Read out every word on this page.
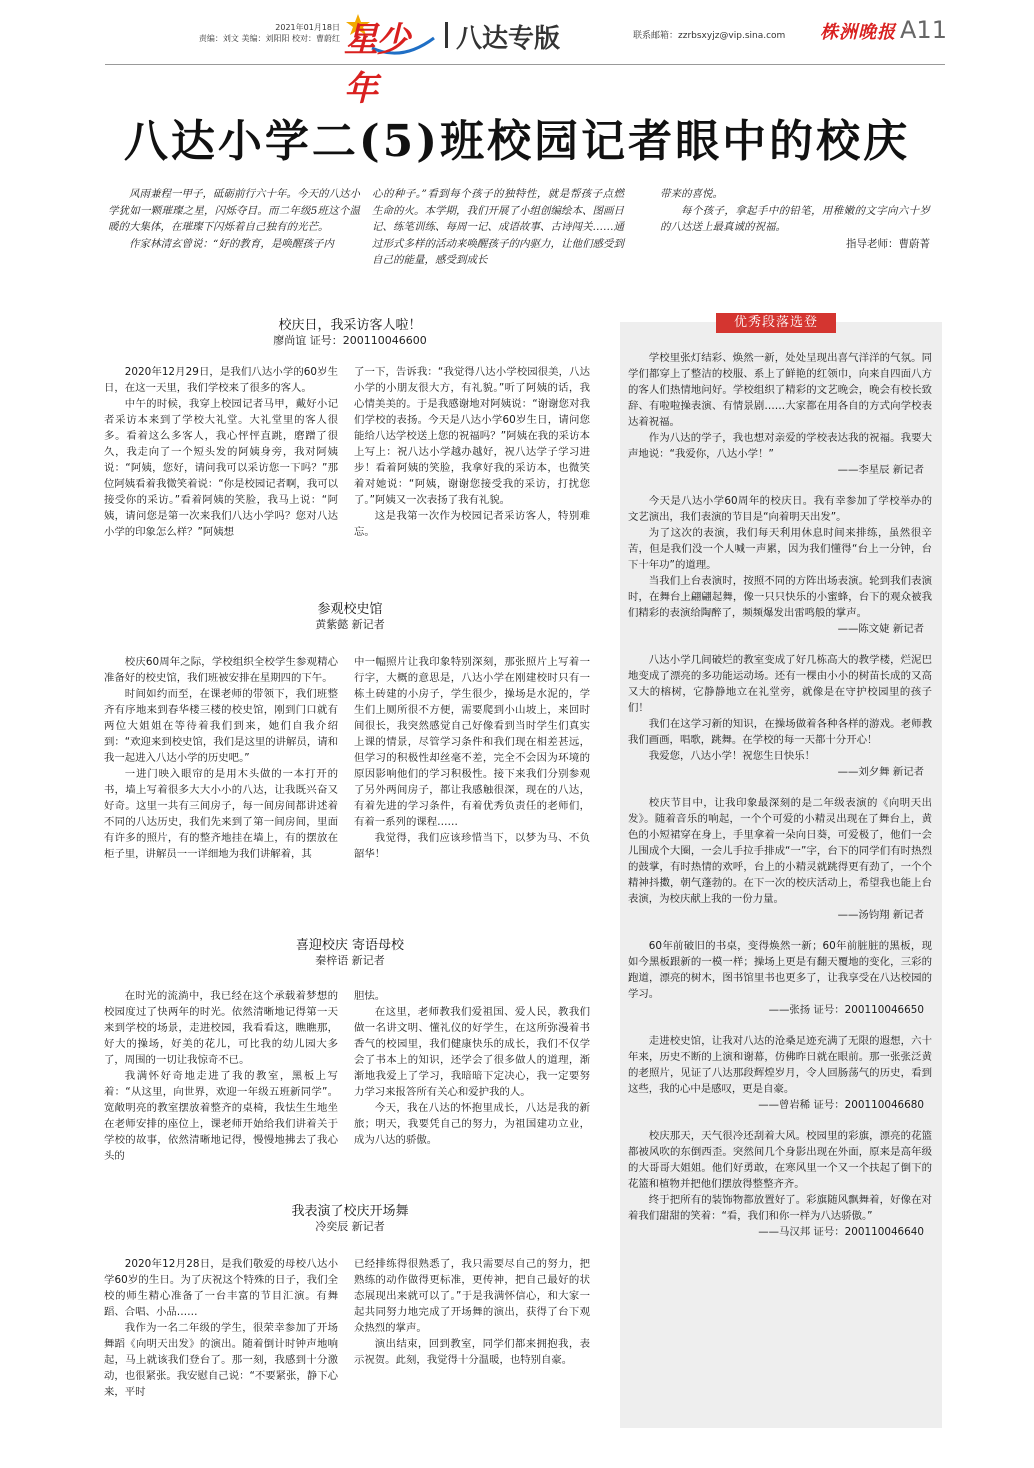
2021年01月18日
责编：刘文 美编：刘阳阳 校对：曹蔚红 星少年
八达专版	联系邮箱：zzrbsxyjz@vip.sina.com 株洲晚报 A11
八达小学二(5)班校园记者眼中的校庆

风雨兼程一甲子，砥砺前行六十年。今天的八达小学犹如一颗璀璨之星，闪烁夺目。而二年级5班这个温暖的大集体，在璀璨下闪烁着自己独有的光芒。

作家林清玄曾说：“好的教育，是唤醒孩子内

心的种子。”看到每个孩子的独特性，就是帮孩子点燃生命的火。本学期，我们开展了小组创编绘本、图画日记、练笔训练、每周一记、成语故事、古诗闯关……通过形式多样的活动来唤醒孩子的内驱力，让他们感受到自己的能量，感受到成长

带来的喜悦。

每个孩子，拿起手中的铅笔，用稚嫩的文字向六十岁的八达送上最真诚的祝福。

指导老师：曹蔚菁
校庆日，我采访客人啦！
廖尚谊 证号：200110046600

2020年12月29日，是我们八达小学的60岁生日，在这一天里，我们学校来了很多的客人。

中午的时候，我穿上校园记者马甲，戴好小记者采访本来到了学校大礼堂。大礼堂里的客人很多。看着这么多客人，我心怦怦直跳，磨蹭了很久，我走向了一个短头发的阿姨身旁，我对阿姨说：“阿姨，您好，请问我可以采访您一下吗？”那位阿姨看着我微笑着说：“你是校园记者啊，我可以接受你的采访。”看着阿姨的笑脸，我马上说：“阿姨，请问您是第一次来我们八达小学吗？您对八达小学的印象怎么样？”阿姨想

了一下，告诉我：“我觉得八达小学校园很美，八达小学的小朋友很大方，有礼貌。”听了阿姨的话，我心情美美的。于是我感谢地对阿姨说：“谢谢您对我们学校的表扬。今天是八达小学60岁生日，请问您能给八达学校送上您的祝福吗？”阿姨在我的采访本上写上：祝八达小学越办越好，祝八达学子学习进步！看着阿姨的笑脸，我拿好我的采访本，也微笑着对她说：“阿姨，谢谢您接受我的采访，打扰您了。”阿姨又一次表扬了我有礼貌。

这是我第一次作为校园记者采访客人，特别难忘。

参观校史馆
黄紫懿 新记者

校庆60周年之际，学校组织全校学生参观精心准备好的校史馆，我们班被安排在星期四的下午。

时间如约而至，在课老师的带领下，我们班整齐有序地来到春华楼三楼的校史馆，刚到门口就有两位大姐姐在等待着我们到来，她们自我介绍到：“欢迎来到校史馆，我们是这里的讲解员，请和我一起进入八达小学的历史吧。”

一进门映入眼帘的是用木头做的一本打开的书，墙上写着很多大大小小的八达，让我既兴奋又好奇。这里一共有三间房子，每一间房间都讲述着不同的八达历史，我们先来到了第一间房间，里面有许多的照片，有的整齐地挂在墙上，有的摆放在柜子里，讲解员一一详细地为我们讲解着，其

中一幅照片让我印象特别深刻，那张照片上写着一行字，大概的意思是，八达小学在刚建校时只有一栋土砖建的小房子，学生很少，操场是水泥的，学生们上厕所很不方便，需要爬到小山坡上，来回时间很长，我突然感觉自己好像看到当时学生们真实上课的情景，尽管学习条件和我们现在相差甚远，但学习的积极性却丝毫不差，完全不会因为环境的原因影响他们的学习积极性。接下来我们分别参观了另外两间房子，都让我感触很深，现在的八达，有着先进的学习条件，有着优秀负责任的老师们，有着一系列的课程……

我觉得，我们应该珍惜当下，以梦为马、不负韶华！

喜迎校庆 寄语母校
秦梓语 新记者

在时光的流淌中，我已经在这个承载着梦想的校园度过了快两年的时光。依然清晰地记得第一天来到学校的场景，走进校园，我看看这，瞧瞧那，好大的操场，好美的花儿，可比我的幼儿园大多了，周围的一切让我惊奇不已。

我满怀好奇地走进了我的教室，黑板上写着：“从这里，向世界，欢迎一年级五班新同学”。宽敞明亮的教室摆放着整齐的桌椅，我怯生生地坐在老师安排的座位上，课老师开始给我们讲着关于学校的故事，依然清晰地记得，慢慢地拂去了我心头的

胆怯。

在这里，老师教我们爱祖国、爱人民，教我们做一名讲文明、懂礼仪的好学生，在这所弥漫着书香气的校园里，我们健康快乐的成长，我们不仅学会了书本上的知识，还学会了很多做人的道理，渐渐地我爱上了学习，我暗暗下定决心，我一定要努力学习来报答所有关心和爱护我的人。

今天，我在八达的怀抱里成长，八达是我的新旅；明天，我要凭自己的努力，为祖国建功立业，成为八达的骄傲。

我表演了校庆开场舞
冷奕辰 新记者

2020年12月28日，是我们敬爱的母校八达小学60岁的生日。为了庆祝这个特殊的日子，我们全校的师生精心准备了一台丰富的节目汇演。有舞蹈、合唱、小品……

我作为一名二年级的学生，很荣幸参加了开场舞蹈《向明天出发》的演出。随着倒计时钟声地响起，马上就该我们登台了。那一刻，我感到十分激动，也很紧张。我安慰自己说：“不要紧张，静下心来，平时

已经排练得很熟悉了，我只需要尽自己的努力，把熟练的动作做得更标准，更传神，把自己最好的状态展现出来就可以了。”于是我满怀信心，和大家一起共同努力地完成了开场舞的演出，获得了台下观众热烈的掌声。

演出结束，回到教室，同学们都来拥抱我，表示祝贺。此刻，我觉得十分温暖，也特别自豪。

优秀段落选登

学校里张灯结彩、焕然一新，处处呈现出喜气洋洋的气氛。同学们都穿上了整洁的校服、系上了鲜艳的红领巾，向来自四面八方的客人们热情地问好。学校组织了精彩的文艺晚会，晚会有校长致辞、有啦啦操表演、有情景剧……大家都在用各自的方式向学校表达着祝福。

作为八达的学子，我也想对亲爱的学校表达我的祝福。我要大声地说：“我爱你，八达小学！”

——李星辰 新记者

今天是八达小学60周年的校庆日。我有幸参加了学校举办的文艺演出，我们表演的节目是“向着明天出发”。

为了这次的表演，我们每天利用休息时间来排练，虽然很辛苦，但是我们没一个人喊一声累，因为我们懂得“台上一分钟，台下十年功”的道理。

当我们上台表演时，按照不同的方阵出场表演。轮到我们表演时，在舞台上翩翩起舞，像一只只快乐的小蜜蜂，台下的观众被我们精彩的表演给陶醉了，频频爆发出雷鸣般的掌声。

——陈文婕 新记者

八达小学几间破烂的教室变成了好几栋高大的教学楼，烂泥巴地变成了漂亮的多功能运动场。还有一棵由小小的树苗长成的又高又大的榕树，它静静地立在礼堂旁，就像是在守护校园里的孩子们！

我们在这学习新的知识，在操场做着各种各样的游戏。老师教我们画画，唱歌，跳舞。在学校的每一天都十分开心！

我爱您，八达小学！祝您生日快乐！

——刘夕舞 新记者

校庆节目中，让我印象最深刻的是二年级表演的《向明天出发》。随着音乐的响起，一个个可爱的小精灵出现在了舞台上，黄色的小短裙穿在身上，手里拿着一朵向日葵，可爱极了，他们一会儿围成个大圈，一会儿手拉手排成“一”字，台下的同学们有时热烈的鼓掌，有时热情的欢呼，台上的小精灵就跳得更有劲了，一个个精神抖擞，朝气蓬勃的。在下一次的校庆活动上，希望我也能上台表演，为校庆献上我的一份力量。

——汤钧翔 新记者

60年前破旧的书桌，变得焕然一新；60年前脏脏的黑板，现如今黑板跟新的一模一样；操场上更是有翻天覆地的变化，三彩的跑道，漂亮的树木，图书馆里书也更多了，让我享受在八达校园的学习。

——张扬 证号：200110046650

走进校史馆，让我对八达的沧桑足迹充满了无限的遐想，六十年来，历史不断的上演和谢幕，仿佛昨日就在眼前。那一张张泛黄的老照片，见证了八达那段辉煌岁月，令人回肠荡气的历史，看到这些，我的心中是感叹，更是自豪。

——曾岩稀 证号：200110046680

校庆那天，天气很冷还刮着大风。校园里的彩旗，漂亮的花篮都被风吹的东倒西歪。突然间几个身影出现在外面，原来是高年级的大哥哥大姐姐。他们好勇敢，在寒风里一个又一个扶起了倒下的花篮和植物并把他们摆放得整整齐齐。

终于把所有的装饰物都放置好了。彩旗随风飘舞着，好像在对着我们甜甜的笑着：“看，我们和你一样为八达骄傲。”

——马汉邦 证号：200110046640
